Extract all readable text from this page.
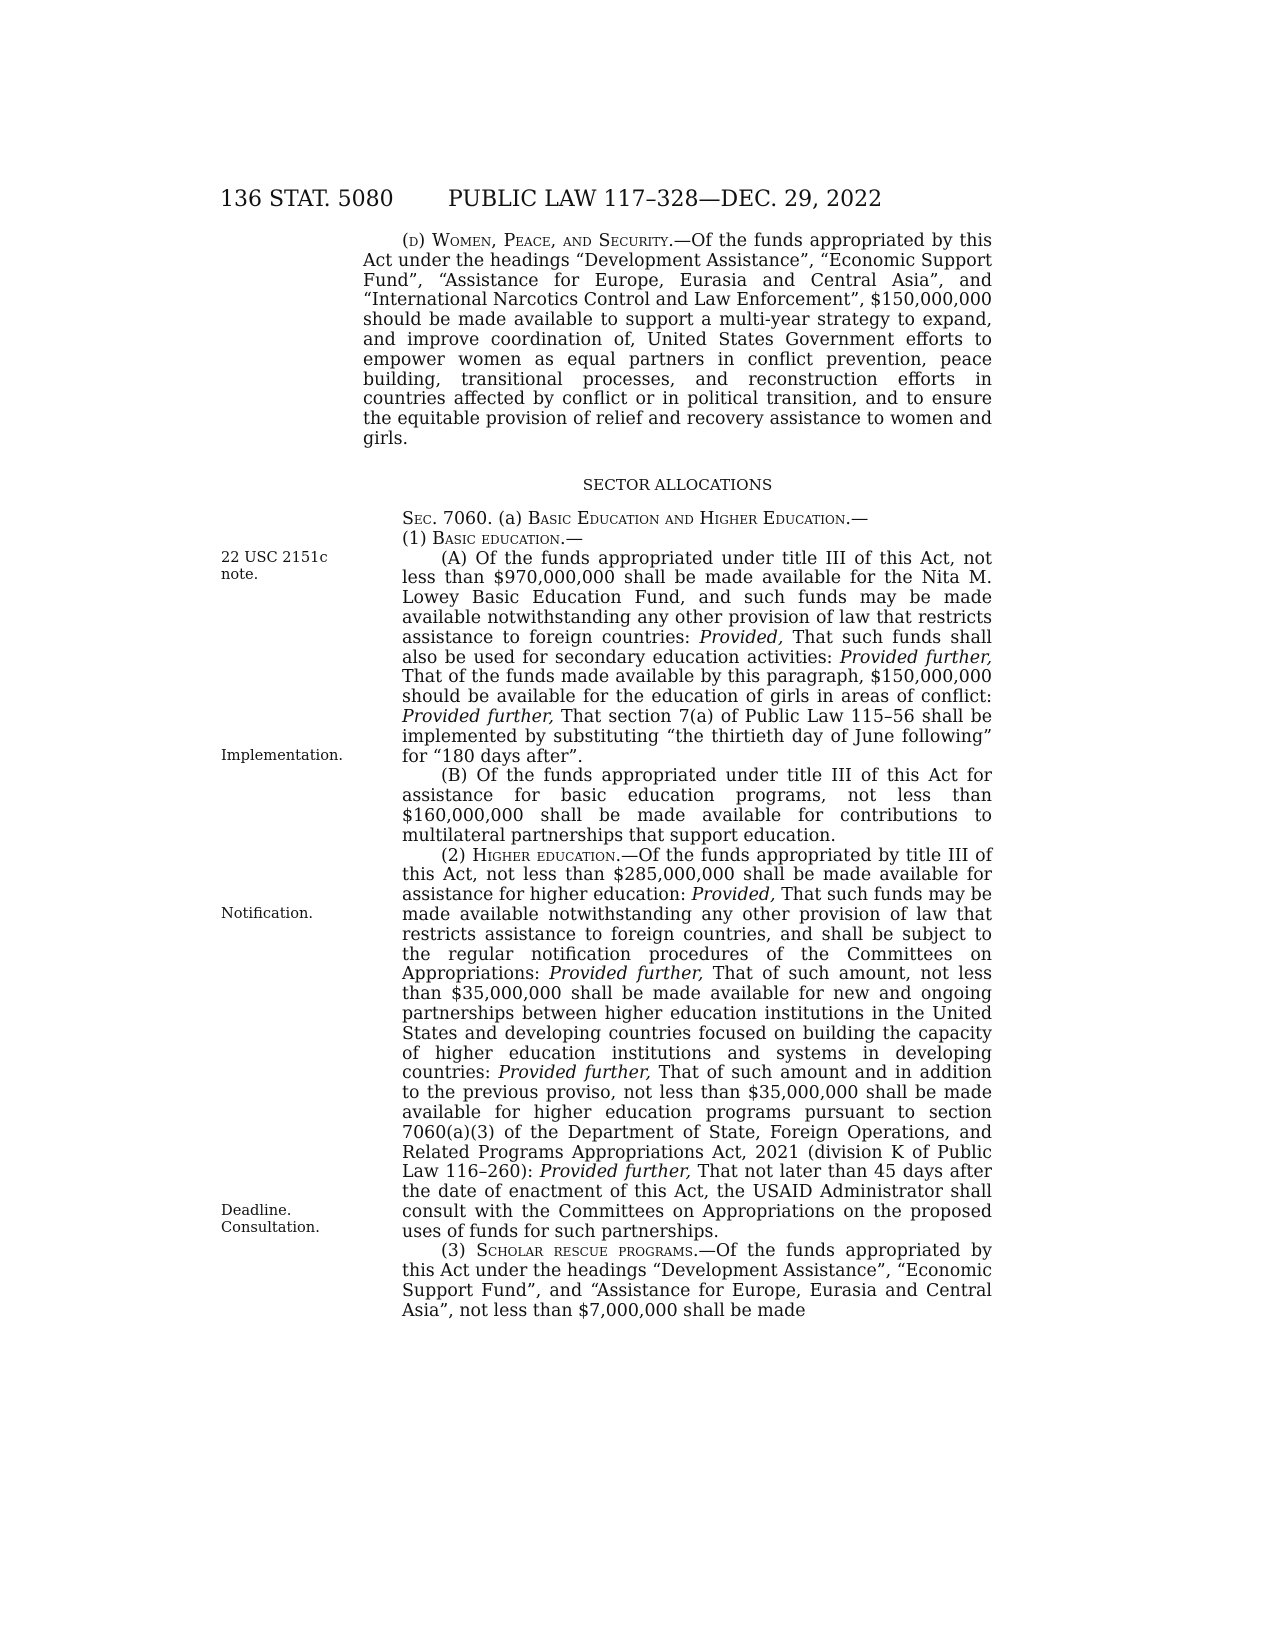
136 STAT. 5080 PUBLIC LAW 117–328—DEC. 29, 2022

(d) Women, Peace, and Security.—Of the funds appropriated by this Act under the headings “Development Assistance”, “Economic Support Fund”, “Assistance for Europe, Eurasia and Central Asia”, and “International Narcotics Control and Law Enforcement”, $150,000,000 should be made available to support a multi-year strategy to expand, and improve coordination of, United States Government efforts to empower women as equal partners in conflict prevention, peace building, transitional processes, and reconstruction efforts in countries affected by conflict or in political transition, and to ensure the equitable provision of relief and recovery assistance to women and girls.

SECTOR ALLOCATIONS

Sec. 7060. (a) Basic Education and Higher Education.—

(1) Basic education.—

(A) Of the funds appropriated under title III of this Act, not less than $970,000,000 shall be made available for the Nita M. Lowey Basic Education Fund, and such funds may be made available notwithstanding any other provision of law that restricts assistance to foreign countries: Provided, That such funds shall also be used for secondary education activities: Provided further, That of the funds made available by this paragraph, $150,000,000 should be available for the education of girls in areas of conflict: Provided further, That section 7(a) of Public Law 115–56 shall be implemented by substituting “the thirtieth day of June following” for “180 days after”.

(B) Of the funds appropriated under title III of this Act for assistance for basic education programs, not less than $160,000,000 shall be made available for contributions to multilateral partnerships that support education.

(2) Higher education.—Of the funds appropriated by title III of this Act, not less than $285,000,000 shall be made available for assistance for higher education: Provided, That such funds may be made available notwithstanding any other provision of law that restricts assistance to foreign countries, and shall be subject to the regular notification procedures of the Committees on Appropriations: Provided further, That of such amount, not less than $35,000,000 shall be made available for new and ongoing partnerships between higher education institutions in the United States and developing countries focused on building the capacity of higher education institutions and systems in developing countries: Provided further, That of such amount and in addition to the previous proviso, not less than $35,000,000 shall be made available for higher education programs pursuant to section 7060(a)(3) of the Department of State, Foreign Operations, and Related Programs Appropriations Act, 2021 (division K of Public Law 116–260): Provided further, That not later than 45 days after the date of enactment of this Act, the USAID Administrator shall consult with the Committees on Appropriations on the proposed uses of funds for such partnerships.

(3) Scholar rescue programs.—Of the funds appropriated by this Act under the headings “Development Assistance”, “Economic Support Fund”, and “Assistance for Europe, Eurasia and Central Asia”, not less than $7,000,000 shall be made

22 USC 2151c
note.
Implementation.
Notification.
Deadline.
Consultation.
